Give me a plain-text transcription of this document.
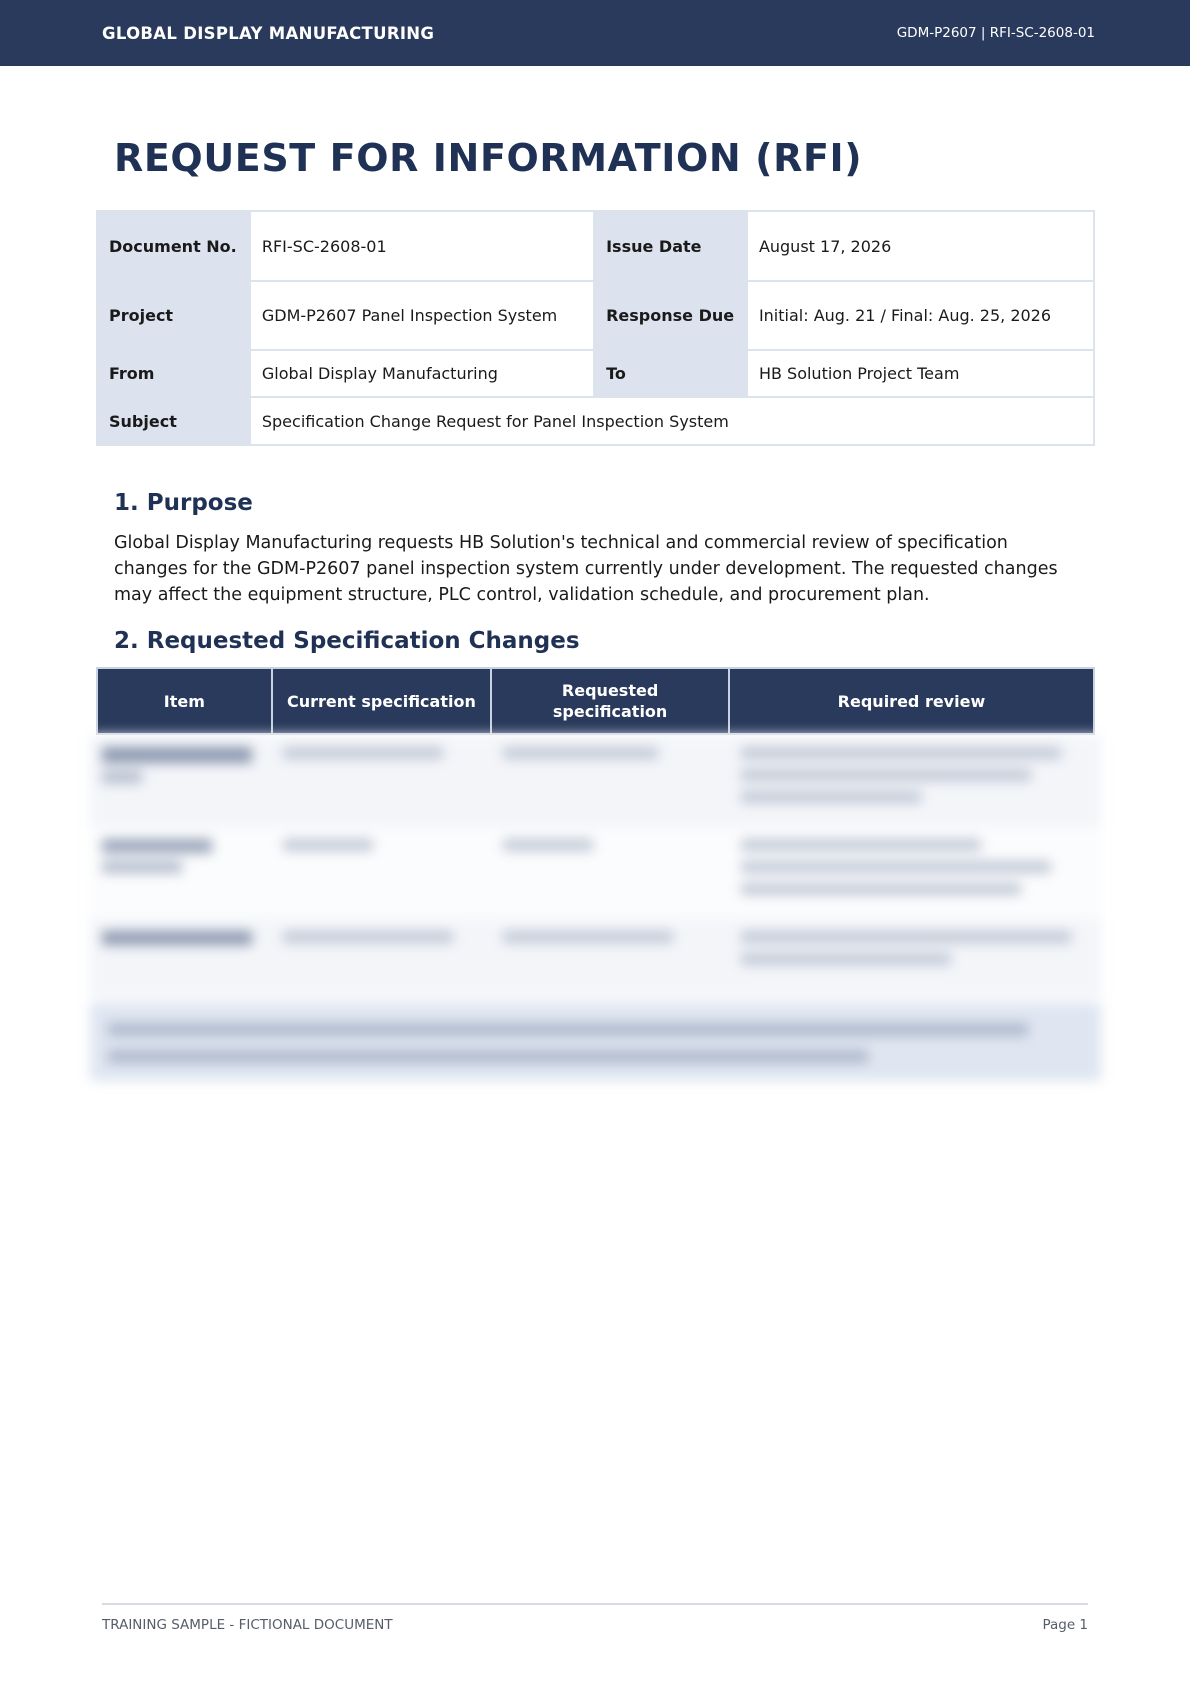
GLOBAL DISPLAY MANUFACTURING	GDM-P2607 | RFI-SC-2608-01
REQUEST FOR INFORMATION (RFI)
Document No.	RFI-SC-2608-01	Issue Date	August 17, 2026
Project	GDM-P2607 Panel Inspection System	Response Due	Initial: Aug. 21 / Final: Aug. 25, 2026
From	Global Display Manufacturing	To	HB Solution Project Team
Subject	Specification Change Request for Panel Inspection System		
1. Purpose

Global Display Manufacturing requests HB Solution's technical and commercial review of specification changes for the GDM-P2607 panel inspection system currently under development. The requested changes may affect the equipment structure, PLC control, validation schedule, and procurement plan.

2. Requested Specification Changes
Item	Current specification	Requested specification	Required review

TRAINING SAMPLE - FICTIONAL DOCUMENT	Page 1
